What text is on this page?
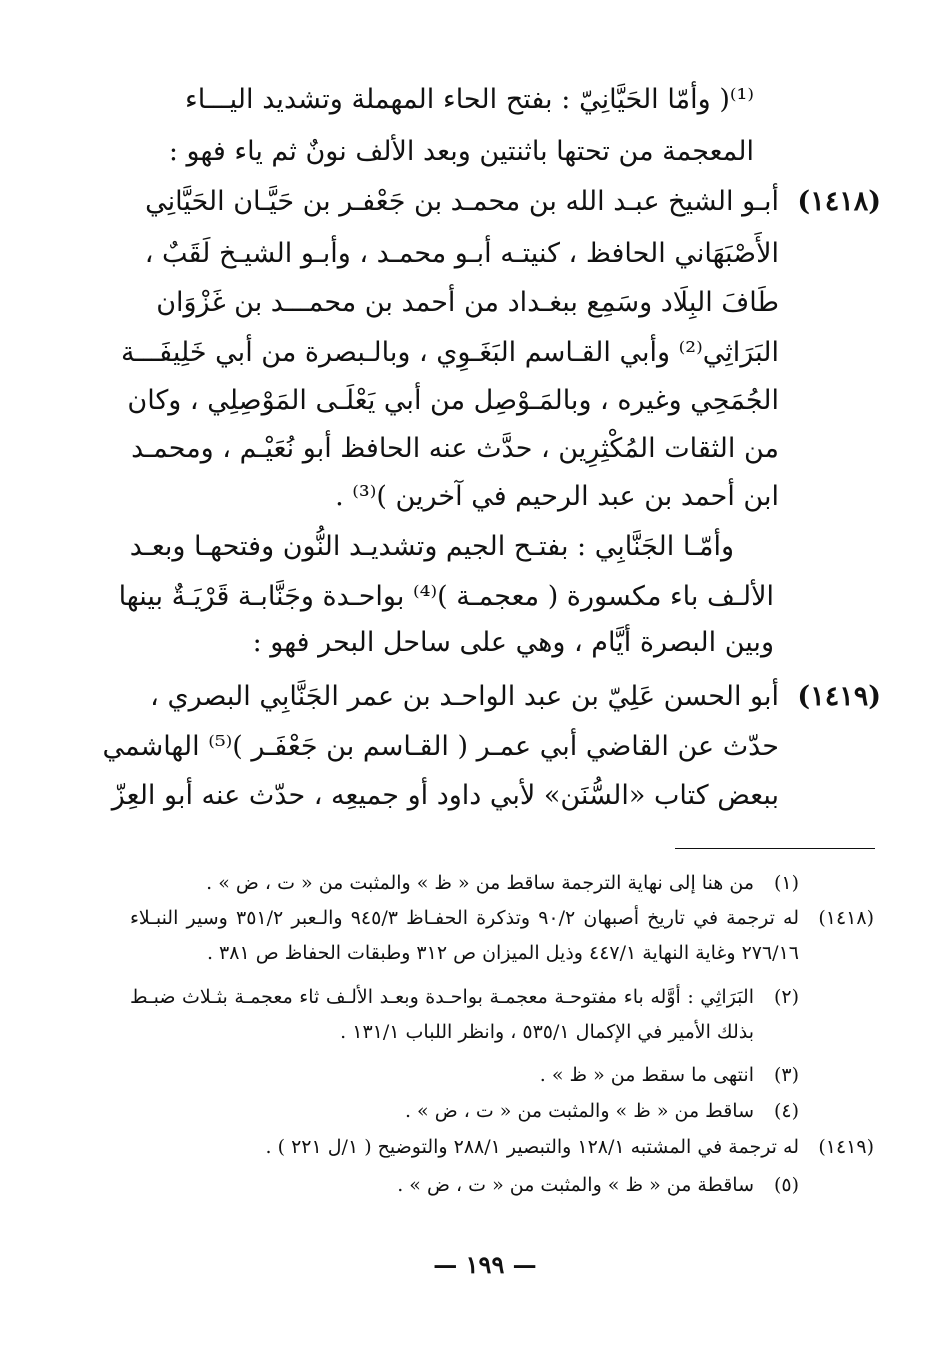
⁽¹⁾( وأمّا الحَيَّانِيّ : بفتح الحاء المهملة وتشديد اليـــاء
المعجمة من تحتها باثنتين وبعد الألف نونٌ ثم ياء فهو :
(١٤١٨)
أبـو الشيخ عبـد الله بن محمـد بن جَعْفـر بن حَيَّـان الحَيَّانِي
الأَصْبَهَاني الحافظ ، كنيتـه أبـو محمـد ، وأبـو الشيـخ لَقَبٌ ،
طَافَ البِلَاد وسَمِع ببغـداد من أحمد بن محمـــد بن غَزْوَان
البَرَاثِي⁽²⁾ وأبي القـاسم البَغَـوِي ، وبالـبصرة من أبي خَلِيفَـــة
الجُمَحِي وغيره ، وبالمَـوْصِل من أبي يَعْلَـى المَوْصِلِي ، وكان
من الثقات المُكْثِرِين ، حدَّث عنه الحافظ أبو نُعَيْـم ، ومحمـد
ابن أحمد بن عبد الرحيم في آخرين )⁽³⁾ .
وأمّـا الجَنَّابِي : بفتـح الجيم وتشديـد النُّون وفتحهـا وبعـد
الألـف باء مكسورة ( معجمـة )⁽⁴⁾ بواحـدة وجَنَّابـة قَرْيَـةٌ بينها
وبين البصرة أيَّام ، وهي على ساحل البحر فهو :
(١٤١٩)
أبو الحسن عَلِيّ بن عبد الواحـد بن عمر الجَنَّابِي البصري ،
حدّث عن القاضي أبي عمـر ( القـاسم بن جَعْفَـر )⁽⁵⁾ الهاشمي
ببعض كتاب «السُّنَن» لأبي داود أو جميعِه ، حدّث عنه أبو العِزّ
(١)
من هنا إلى نهاية الترجمة ساقط من « ظ » والمثبت من « ت ، ض » .
(١٤١٨)
له ترجمة في تاريخ أصبهان ٩٠/٢ وتذكرة الحفـاظ ٩٤٥/٣ والـعبر ٣٥١/٢ وسير النبـلاء
٢٧٦/١٦ وغاية النهاية ٤٤٧/١ وذيل الميزان ص ٣١٢ وطبقات الحفاظ ص ٣٨١ .
(٢)
البَرَاثِي : أوَّله باء مفتوحـة معجمـة بواحـدة وبعـد الألـف ثاء معجمـة بثـلاث ضبـط
بذلك الأمير في الإكمال ٥٣٥/١ ، وانظر اللباب ١٣١/١ .
(٣)
انتهى ما سقط من « ظ » .
(٤)
ساقط من « ظ » والمثبت من « ت ، ض » .
(١٤١٩)
له ترجمة في المشتبه ١٢٨/١ والتبصير ٢٨٨/١ والتوضيح ( ١/ل ٢٢١ ) .
(٥)
ساقطة من « ظ » والمثبت من « ت ، ض » .
— ١٩٩ —
